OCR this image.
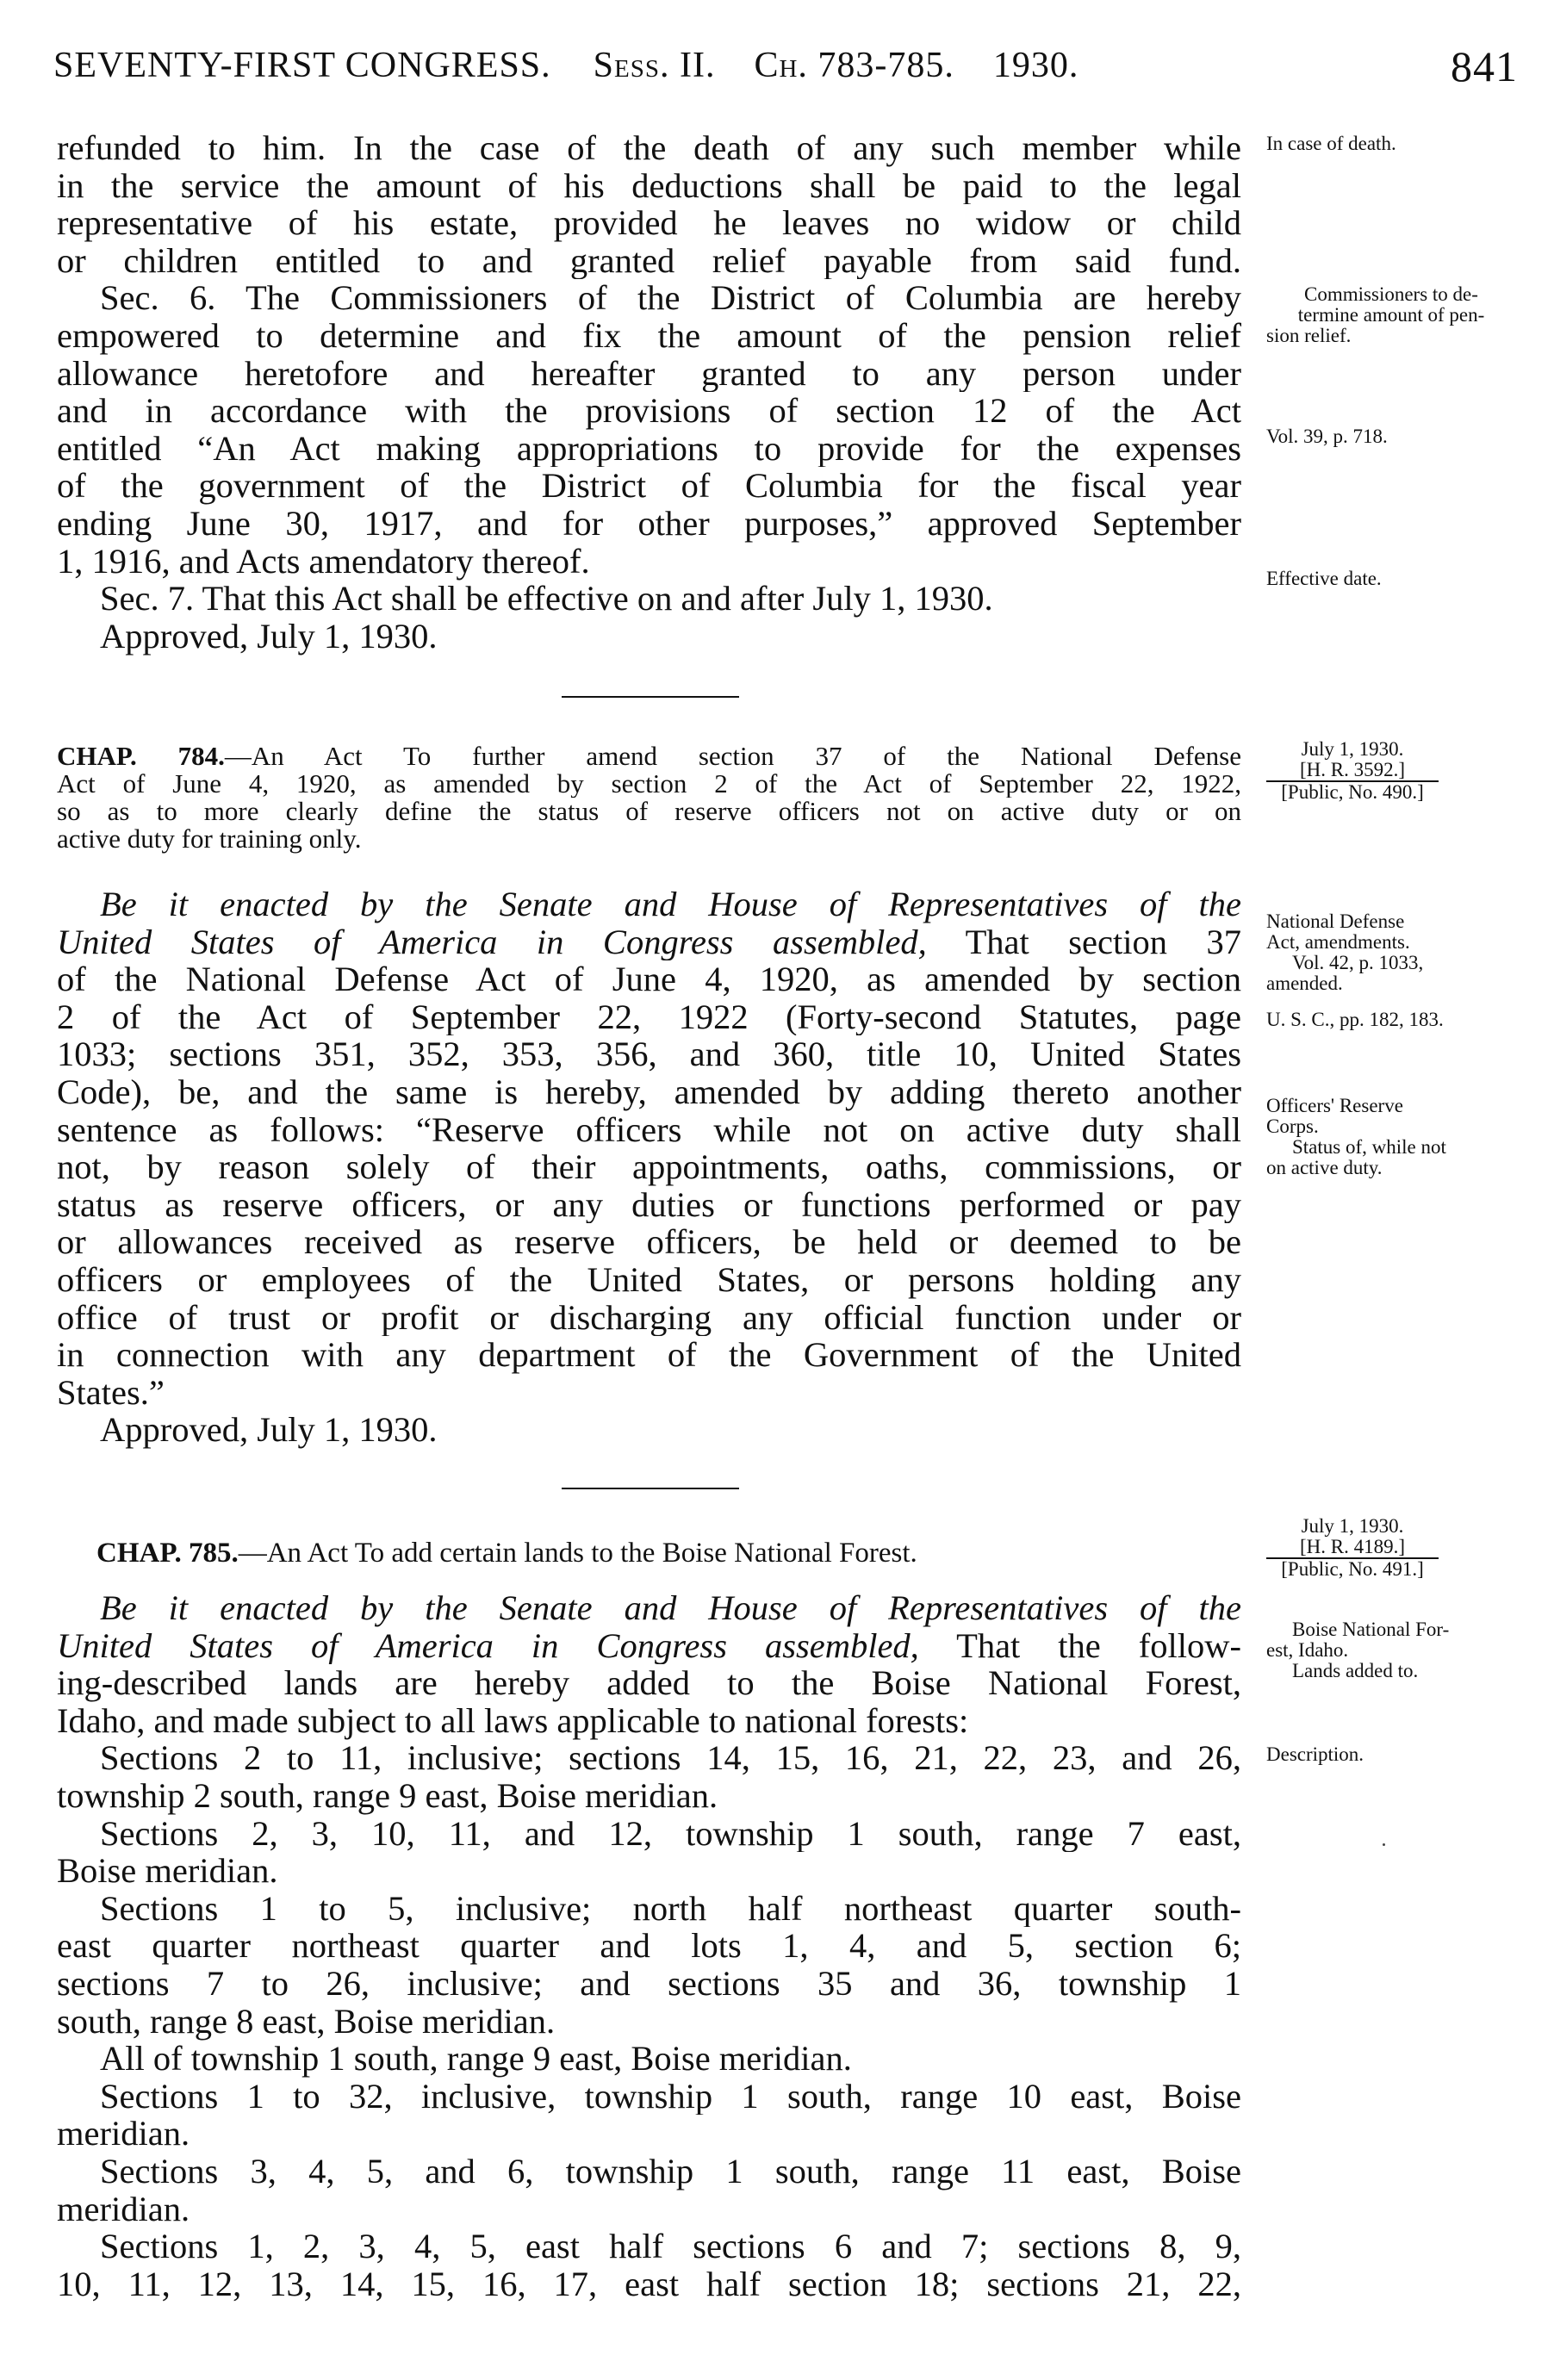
SEVENTY-FIRST CONGRESS. Sess. II. Ch. 783-785. 1930.	841
refunded to him. In the case of the death of any such member while
in the service the amount of his deductions shall be paid to the legal
representative of his estate, provided he leaves no widow or child
or children entitled to and granted relief payable from said fund.
Sec. 6. The Commissioners of the District of Columbia are hereby
empowered to determine and fix the amount of the pension relief
allowance heretofore and hereafter granted to any person under
and in accordance with the provisions of section 12 of the Act
entitled “An Act making appropriations to provide for the expenses
of the government of the District of Columbia for the fiscal year
ending June 30, 1917, and for other purposes,” approved September
1, 1916, and Acts amendatory thereof.
Sec. 7. That this Act shall be effective on and after July 1, 1930.
Approved, July 1, 1930.
In case of death.
Commissioners to de-
termine amount of pen-
sion relief.
Vol. 39, p. 718.
Effective date.
CHAP. 784.—An Act To further amend section 37 of the National Defense
Act of June 4, 1920, as amended by section 2 of the Act of September 22, 1922,
so as to more clearly define the status of reserve officers not on active duty or on
active duty for training only.
Be it enacted by the Senate and House of Representatives of the
United States of America in Congress assembled, That section 37
of the National Defense Act of June 4, 1920, as amended by section
2 of the Act of September 22, 1922 (Forty-second Statutes, page
1033; sections 351, 352, 353, 356, and 360, title 10, United States
Code), be, and the same is hereby, amended by adding thereto another
sentence as follows: “Reserve officers while not on active duty shall
not, by reason solely of their appointments, oaths, commissions, or
status as reserve officers, or any duties or functions performed or pay
or allowances received as reserve officers, be held or deemed to be
officers or employees of the United States, or persons holding any
office of trust or profit or discharging any official function under or
in connection with any department of the Government of the United
States.”
Approved, July 1, 1930.
July 1, 1930.
[H. R. 3592.]
[Public, No. 490.]
National Defense
Act, amendments.
Vol. 42, p. 1033,
amended.
U. S. C., pp. 182, 183.
Officers' Reserve
Corps.
Status of, while not
on active duty.
CHAP. 785.—An Act To add certain lands to the Boise National Forest.
Be it enacted by the Senate and House of Representatives of the
United States of America in Congress assembled, That the follow-
ing-described lands are hereby added to the Boise National Forest,
Idaho, and made subject to all laws applicable to national forests:
Sections 2 to 11, inclusive; sections 14, 15, 16, 21, 22, 23, and 26,
township 2 south, range 9 east, Boise meridian.
Sections 2, 3, 10, 11, and 12, township 1 south, range 7 east,
Boise meridian.
Sections 1 to 5, inclusive; north half northeast quarter south-
east quarter northeast quarter and lots 1, 4, and 5, section 6;
sections 7 to 26, inclusive; and sections 35 and 36, township 1
south, range 8 east, Boise meridian.
All of township 1 south, range 9 east, Boise meridian.
Sections 1 to 32, inclusive, township 1 south, range 10 east, Boise
meridian.
Sections 3, 4, 5, and 6, township 1 south, range 11 east, Boise
meridian.
Sections 1, 2, 3, 4, 5, east half sections 6 and 7; sections 8, 9,
10, 11, 12, 13, 14, 15, 16, 17, east half section 18; sections 21, 22,
July 1, 1930.
[H. R. 4189.]
[Public, No. 491.]
Boise National For-
est, Idaho.
Lands added to.
Description.
